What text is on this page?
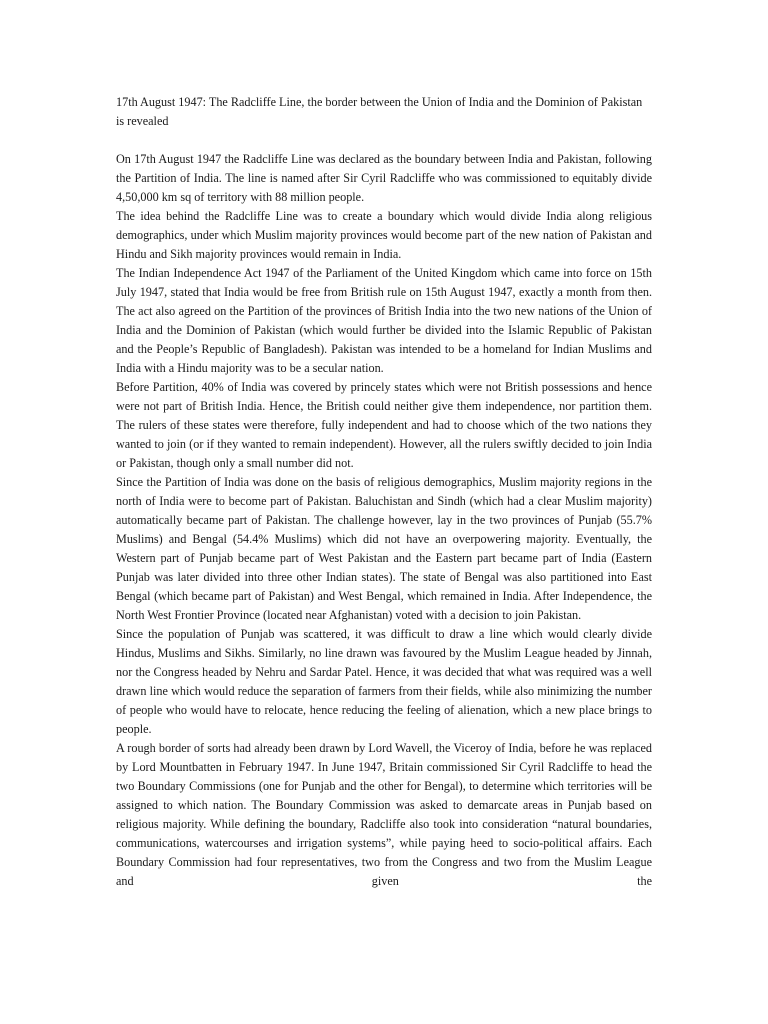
17th August 1947: The Radcliffe Line, the border between the Union of India and the Dominion of Pakistan is revealed

On 17th August 1947 the Radcliffe Line was declared as the boundary between India and Pakistan, following the Partition of India. The line is named after Sir Cyril Radcliffe who was commissioned to equitably divide 4,50,000 km sq of territory with 88 million people.

The idea behind the Radcliffe Line was to create a boundary which would divide India along religious demographics, under which Muslim majority provinces would become part of the new nation of Pakistan and Hindu and Sikh majority provinces would remain in India.

The Indian Independence Act 1947 of the Parliament of the United Kingdom which came into force on 15th July 1947, stated that India would be free from British rule on 15th August 1947, exactly a month from then. The act also agreed on the Partition of the provinces of British India into the two new nations of the Union of India and the Dominion of Pakistan (which would further be divided into the Islamic Republic of Pakistan and the People’s Republic of Bangladesh). Pakistan was intended to be a homeland for Indian Muslims and India with a Hindu majority was to be a secular nation.

Before Partition, 40% of India was covered by princely states which were not British possessions and hence were not part of British India. Hence, the British could neither give them independence, nor partition them. The rulers of these states were therefore, fully independent and had to choose which of the two nations they wanted to join (or if they wanted to remain independent). However, all the rulers swiftly decided to join India or Pakistan, though only a small number did not.

Since the Partition of India was done on the basis of religious demographics, Muslim majority regions in the north of India were to become part of Pakistan. Baluchistan and Sindh (which had a clear Muslim majority) automatically became part of Pakistan. The challenge however, lay in the two provinces of Punjab (55.7% Muslims) and Bengal (54.4% Muslims) which did not have an overpowering majority. Eventually, the Western part of Punjab became part of West Pakistan and the Eastern part became part of India (Eastern Punjab was later divided into three other Indian states). The state of Bengal was also partitioned into East Bengal (which became part of Pakistan) and West Bengal, which remained in India. After Independence, the North West Frontier Province (located near Afghanistan) voted with a decision to join Pakistan.

Since the population of Punjab was scattered, it was difficult to draw a line which would clearly divide Hindus, Muslims and Sikhs. Similarly, no line drawn was favoured by the Muslim League headed by Jinnah, nor the Congress headed by Nehru and Sardar Patel. Hence, it was decided that what was required was a well drawn line which would reduce the separation of farmers from their fields, while also minimizing the number of people who would have to relocate, hence reducing the feeling of alienation, which a new place brings to people.

A rough border of sorts had already been drawn by Lord Wavell, the Viceroy of India, before he was replaced by Lord Mountbatten in February 1947. In June 1947, Britain commissioned Sir Cyril Radcliffe to head the two Boundary Commissions (one for Punjab and the other for Bengal), to determine which territories will be assigned to which nation. The Boundary Commission was asked to demarcate areas in Punjab based on religious majority. While defining the boundary, Radcliffe also took into consideration “natural boundaries, communications, watercourses and irrigation systems”, while paying heed to socio-political affairs. Each Boundary Commission had four representatives, two from the Congress and two from the Muslim League and given the
